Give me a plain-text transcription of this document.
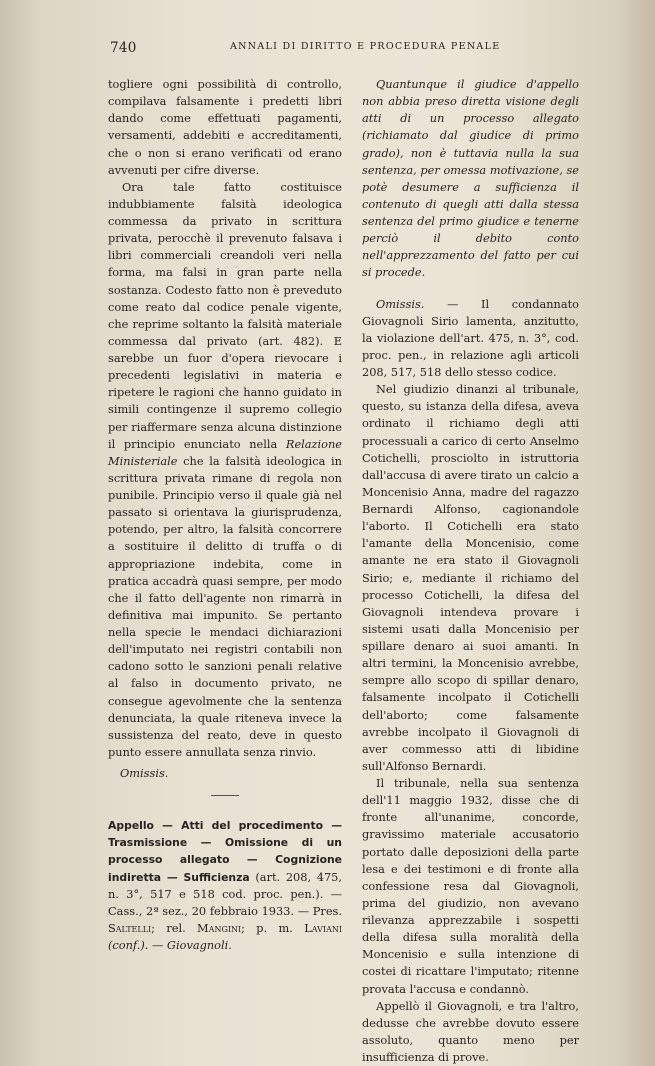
740	ANNALI DI DIRITTO E PROCEDURA PENALE

togliere ogni possibilità di controllo, compilava falsamente i predetti libri dando come effettuati pagamenti, versamenti, addebiti e accreditamenti, che o non si erano verificati od erano avvenuti per cifre diverse.

Ora tale fatto costituisce indubbiamente falsità ideologica commessa da privato in scrittura privata, perocchè il prevenuto falsava i libri commerciali creandoli veri nella forma, ma falsi in gran parte nella sostanza. Codesto fatto non è preveduto come reato dal codice penale vigente, che reprime soltanto la falsità materiale commessa dal privato (art. 482). E sarebbe un fuor d'opera rievocare i precedenti legislativi in materia e ripetere le ragioni che hanno guidato in simili contingenze il supremo collegio per riaffermare senza alcuna distinzione il principio enunciato nella Relazione Ministeriale che la falsità ideologica in scrittura privata rimane di regola non punibile. Principio verso il quale già nel passato si orientava la giurisprudenza, potendo, per altro, la falsità concorrere a sostituire il delitto di truffa o di appropriazione indebita, come in pratica accadrà quasi sempre, per modo che il fatto dell'agente non rimarrà in definitiva mai impunito. Se pertanto nella specie le mendaci dichiarazioni dell'imputato nei registri contabili non cadono sotto le sanzioni penali relative al falso in documento privato, ne consegue agevolmente che la sentenza denunciata, la quale riteneva invece la sussistenza del reato, deve in questo punto essere annullata senza rinvio.

Omissis.

Appello — Atti del procedimento — Trasmissione — Omissione di un processo allegato — Cognizione indiretta — Sufficienza (art. 208, 475, n. 3°, 517 e 518 cod. proc. pen.). — Cass., 2ª sez., 20 febbraio 1933. — Pres. Saltelli; rel. Mangini; p. m. Laviani (conf.). — Giovagnoli.

Quantunque il giudice d'appello non abbia preso diretta visione degli atti di un processo allegato (richiamato dal giudice di primo grado), non è tuttavia nulla la sua sentenza, per omessa motivazione, se potè desumere a sufficienza il contenuto di quegli atti dalla stessa sentenza del primo giudice e tenerne perciò il debito conto nell'apprezzamento del fatto per cui si procede.

Omissis. — Il condannato Giovagnoli Sirio lamenta, anzitutto, la violazione dell'art. 475, n. 3°, cod. proc. pen., in relazione agli articoli 208, 517, 518 dello stesso codice.

Nel giudizio dinanzi al tribunale, questo, su istanza della difesa, aveva ordinato il richiamo degli atti processuali a carico di certo Anselmo Cotichelli, prosciolto in istruttoria dall'accusa di avere tirato un calcio a Moncenisio Anna, madre del ragazzo Bernardi Alfonso, cagionandole l'aborto. Il Cotichelli era stato l'amante della Moncenisio, come amante ne era stato il Giovagnoli Sirio; e, mediante il richiamo del processo Cotichelli, la difesa del Giovagnoli intendeva provare i sistemi usati dalla Moncenisio per spillare denaro ai suoi amanti. In altri termini, la Moncenisio avrebbe, sempre allo scopo di spillar denaro, falsamente incolpato il Cotichelli dell'aborto; come falsamente avrebbe incolpato il Giovagnoli di aver commesso atti di libidine sull'Alfonso Bernardi.

Il tribunale, nella sua sentenza dell'11 maggio 1932, disse che di fronte all'unanime, concorde, gravissimo materiale accusatorio portato dalle deposizioni della parte lesa e dei testimoni e di fronte alla confessione resa dal Giovagnoli, prima del giudizio, non avevano rilevanza apprezzabile i sospetti della difesa sulla moralità della Moncenisio e sulla intenzione di costei di ricattare l'imputato; ritenne provata l'accusa e condannò.

Appellò il Giovagnoli, e tra l'altro, dedusse che avrebbe dovuto essere assoluto, quanto meno per insufficienza di prove.
